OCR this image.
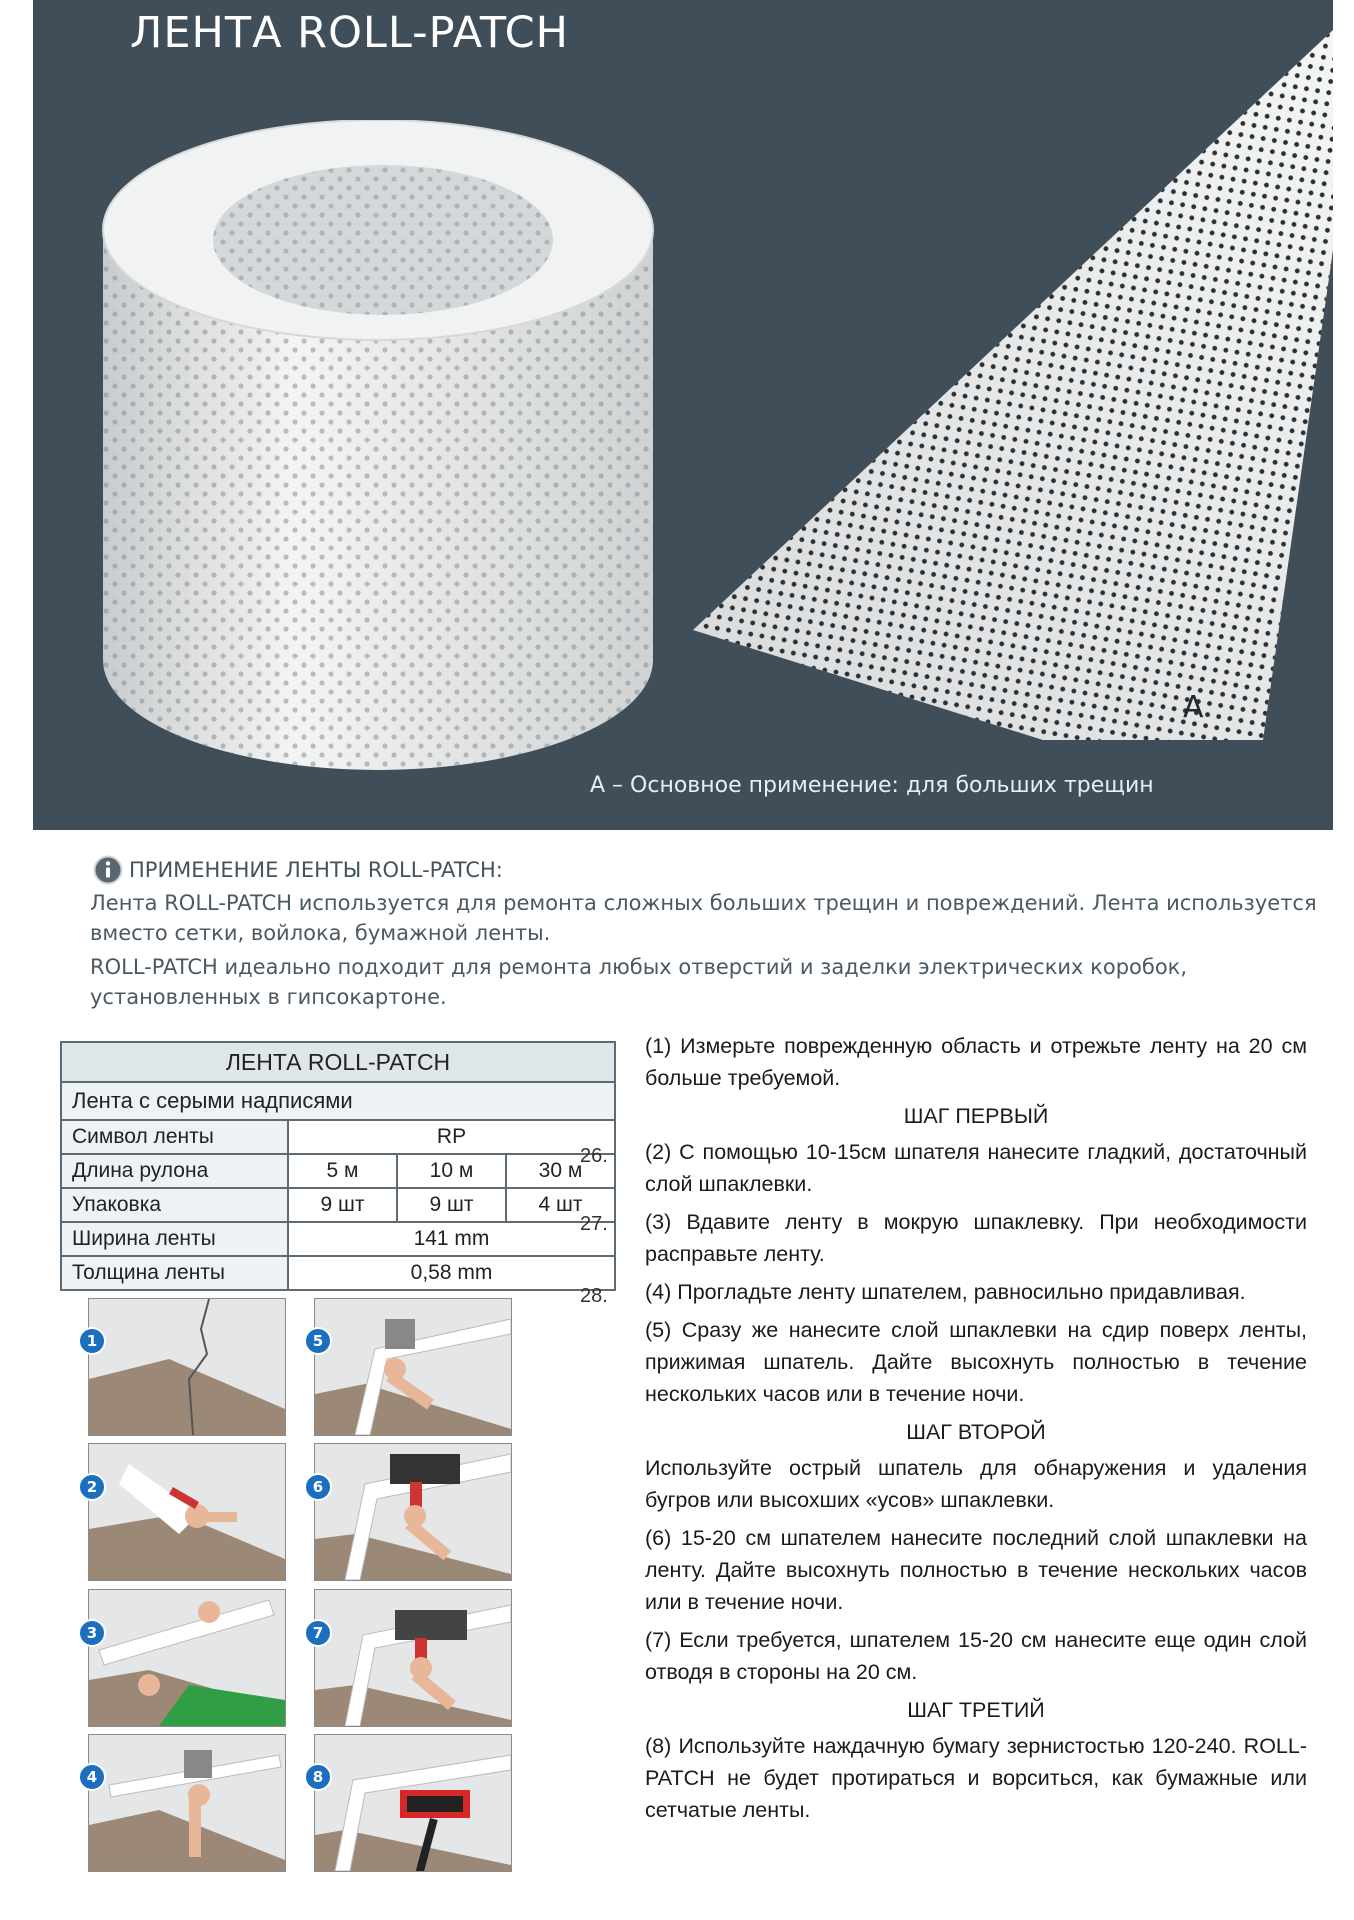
ЛЕНТА ROLL-PATCH
A
A – Основное применение: для больших трещин
ПРИМЕНЕНИЕ ЛЕНТЫ ROLL-PATCH:

Лента ROLL-PATCH используется для ремонта сложных больших трещин и повреждений. Лента используется вместо сетки, войлока, бумажной ленты.

ROLL-PATCH идеально подходит для ремонта любых отверстий и заделки электрических коробок, установленных в гипсокартоне.

ЛЕНТА ROLL-PATCH			
Лента с серыми надписями			
Символ ленты	RP		
Длина рулона	5 м	10 м	30 м
Упаковка	9 шт	9 шт	4 шт
Ширина ленты	141 mm		
Толщина ленты	0,58 mm		
26.
27.
28.

(1) Измерьте поврежденную область и отрежьте ленту на 20 см больше требуемой.

ШАГ ПЕРВЫЙ

(2) С помощью 10-15см шпателя нанесите гладкий, достаточный слой шпаклевки.

(3) Вдавите ленту в мокрую шпаклевку. При необходимости расправьте ленту.

(4) Прогладьте ленту шпателем, равносильно придавливая.

(5) Сразу же нанесите слой шпаклевки на сдир поверх ленты, прижимая шпатель. Дайте высохнуть полностью в течение нескольких часов или в течение ночи.

ШАГ ВТОРОЙ

Используйте острый шпатель для обнаружения и удаления бугров или высохших «усов» шпаклевки.

(6) 15-20 см шпателем нанесите последний слой шпаклевки на ленту. Дайте высохнуть полностью в течение нескольких часов или в течение ночи.

(7) Если требуется, шпателем 15-20 см нанесите еще один слой отводя в стороны на 20 см.

ШАГ ТРЕТИЙ

(8) Используйте наждачную бумагу зернистостью 120-240. ROLL-PATCH не будет протираться и ворситься, как бумажные или сетчатые ленты.

1
2
3
4
5
6
7
8
